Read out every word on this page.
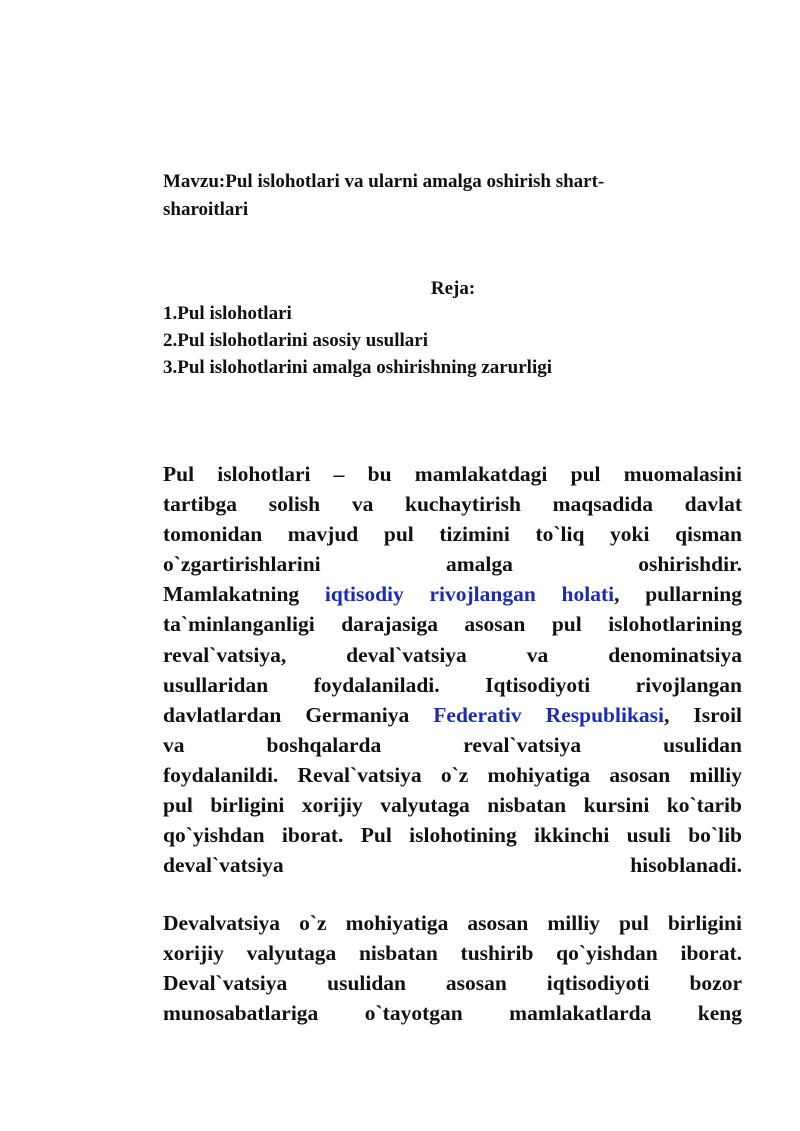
Mavzu:Pul islohotlari va ularni amalga oshirish shart-
sharoitlari
Reja:
1.Pul islohotlari
2.Pul islohotlarini asosiy usullari
3.Pul islohotlarini amalga oshirishning zarurligi
Pul islohotlari – bu mamlakatdagi pul muomalasini
tartibga solish va kuchaytirish maqsadida davlat
tomonidan mavjud pul tizimini to`liq yoki qisman
o`zgartirishlarini amalga oshirishdir.
Mamlakatning iqtisodiy rivojlangan holati, pullarning
ta`minlanganligi darajasiga asosan pul islohotlarining
reval`vatsiya, deval`vatsiya va denominatsiya
usullaridan foydalaniladi. Iqtisodiyoti rivojlangan
davlatlardan Germaniya Federativ Respublikasi, Isroil
va boshqalarda reval`vatsiya usulidan
foydalanildi. Reval`vatsiya o`z mohiyatiga asosan milliy
pul birligini xorijiy valyutaga nisbatan kursini ko`tarib
qo`yishdan iborat. Pul islohotining ikkinchi usuli bo`lib
deval`vatsiya hisoblanadi.
Devalvatsiya o`z mohiyatiga asosan milliy pul birligini
xorijiy valyutaga nisbatan tushirib qo`yishdan iborat.
Deval`vatsiya usulidan asosan iqtisodiyoti bozor
munosabatlariga o`tayotgan mamlakatlarda keng
